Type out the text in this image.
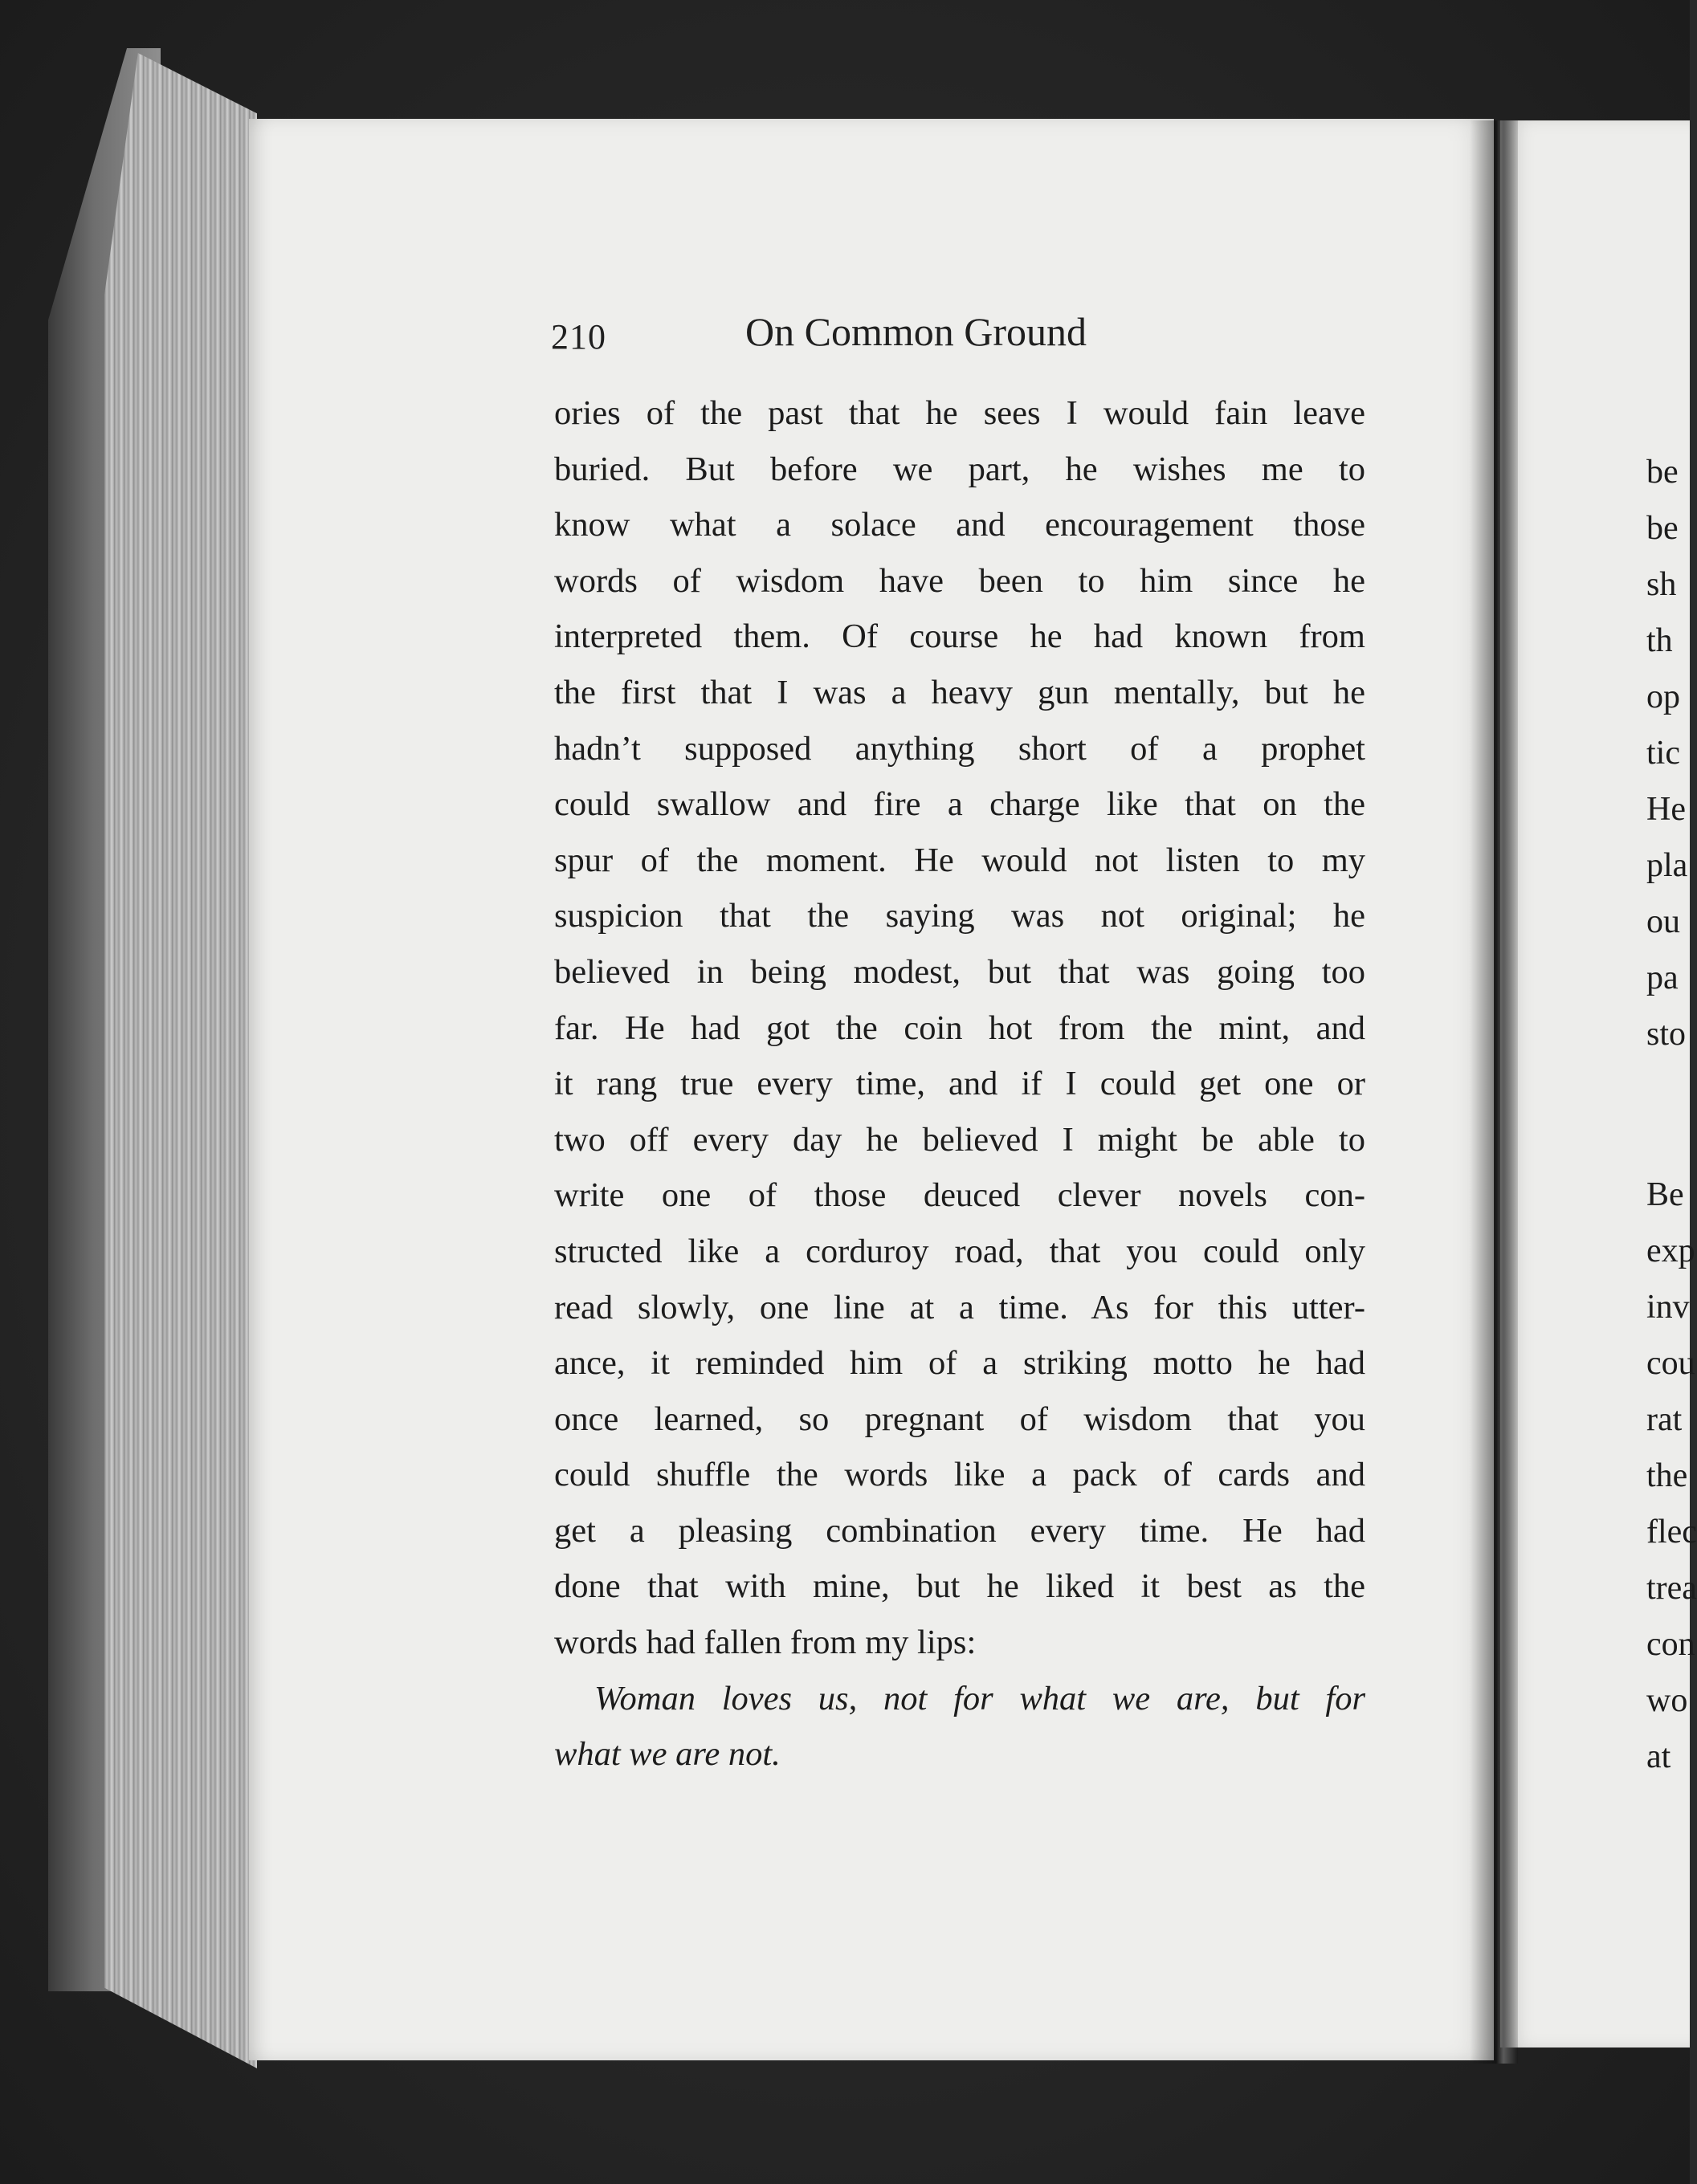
210	On Common Ground
ories of the past that he sees I would fain leave
buried. But before we part, he wishes me to
know what a solace and encouragement those
words of wisdom have been to him since he
interpreted them. Of course he had known from
the first that I was a heavy gun mentally, but he
hadn’t supposed anything short of a prophet
could swallow and fire a charge like that on the
spur of the moment. He would not listen to my
suspicion that the saying was not original; he
believed in being modest, but that was going too
far. He had got the coin hot from the mint, and
it rang true every time, and if I could get one or
two off every day he believed I might be able to
write one of those deuced clever novels con-
structed like a corduroy road, that you could only
read slowly, one line at a time. As for this utter-
ance, it reminded him of a striking motto he had
once learned, so pregnant of wisdom that you
could shuffle the words like a pack of cards and
get a pleasing combination every time. He had
done that with mine, but he liked it best as the
words had fallen from my lips:
Woman loves us, not for what we are, but for
what we are not.
be
be
sh
th
op
tic
He
pla
ou
pa
sto
Be
exp
inv
cou
rat
the
flec
trea
con
wo
at
